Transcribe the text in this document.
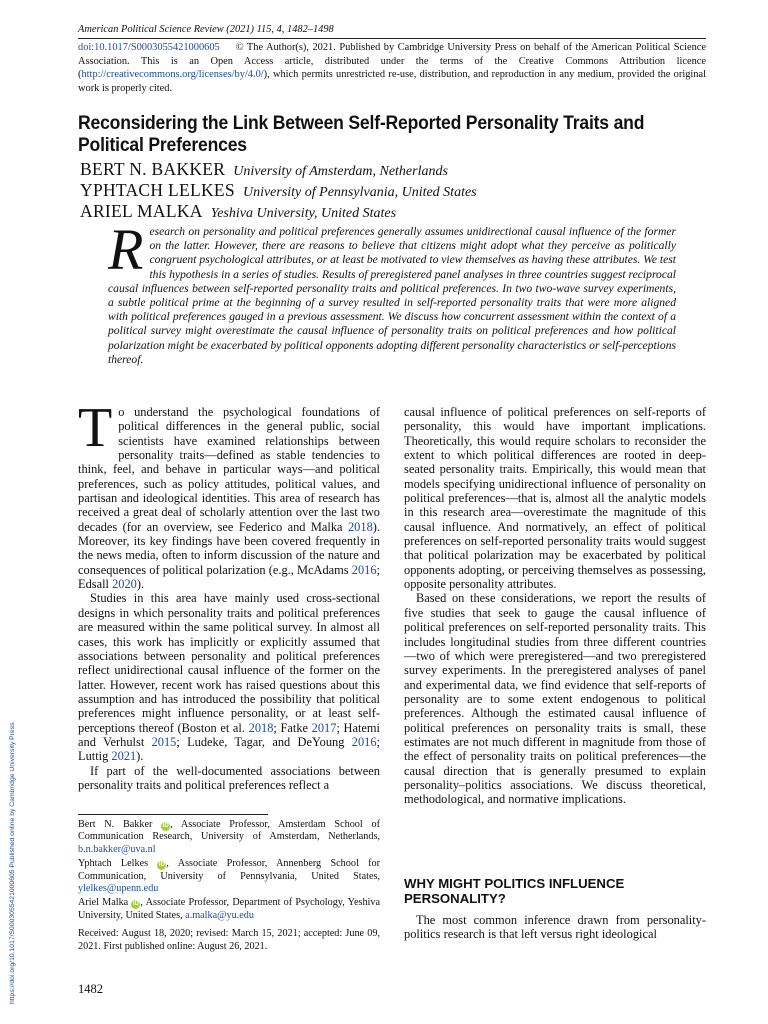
American Political Science Review (2021) 115, 4, 1482–1498
doi:10.1017/S0003055421000605 © The Author(s), 2021. Published by Cambridge University Press on behalf of the American Political Science Association. This is an Open Access article, distributed under the terms of the Creative Commons Attribution licence (http://creativecommons.org/licenses/by/4.0/), which permits unrestricted re-use, distribution, and reproduction in any medium, provided the original work is properly cited.
Reconsidering the Link Between Self-Reported Personality Traits and Political Preferences
BERT N. BAKKER University of Amsterdam, Netherlands
YPHTACH LELKES University of Pennsylvania, United States
ARIEL MALKA Yeshiva University, United States
Research on personality and political preferences generally assumes unidirectional causal influence of the former on the latter. However, there are reasons to believe that citizens might adopt what they perceive as politically congruent psychological attributes, or at least be motivated to view themselves as having these attributes. We test this hypothesis in a series of studies. Results of preregistered panel analyses in three countries suggest reciprocal causal influences between self-reported personality traits and political preferences. In two two-wave survey experiments, a subtle political prime at the beginning of a survey resulted in self-reported personality traits that were more aligned with political preferences gauged in a previous assessment. We discuss how concurrent assessment within the context of a political survey might overestimate the causal influence of personality traits on political preferences and how political polarization might be exacerbated by political opponents adopting different personality characteristics or self-perceptions thereof.

To understand the psychological foundations of political differences in the general public, social scientists have examined relationships between personality traits—defined as stable tendencies to think, feel, and behave in particular ways—and political preferences, such as policy attitudes, political values, and partisan and ideological identities. This area of research has received a great deal of scholarly attention over the last two decades (for an overview, see Federico and Malka 2018). Moreover, its key findings have been covered frequently in the news media, often to inform discussion of the nature and consequences of political polarization (e.g., McAdams 2016; Edsall 2020).

Studies in this area have mainly used cross-sectional designs in which personality traits and political preferences are measured within the same political survey. In almost all cases, this work has implicitly or explicitly assumed that associations between personality and political preferences reflect unidirectional causal influence of the former on the latter. However, recent work has raised questions about this assumption and has introduced the possibility that political preferences might influence personality, or at least self-perceptions thereof (Boston et al. 2018; Fatke 2017; Hatemi and Verhulst 2015; Ludeke, Tagar, and DeYoung 2016; Luttig 2021).

If part of the well-documented associations between personality traits and political preferences reflect a

causal influence of political preferences on self-reports of personality, this would have important implications. Theoretically, this would require scholars to reconsider the extent to which political differences are rooted in deep-seated personality traits. Empirically, this would mean that models specifying unidirectional influence of personality on political preferences—that is, almost all the analytic models in this research area—overestimate the magnitude of this causal influence. And normatively, an effect of political preferences on self-reported personality traits would suggest that political polarization may be exacerbated by political opponents adopting, or perceiving themselves as possessing, opposite personality attributes.

Based on these considerations, we report the results of five studies that seek to gauge the causal influence of political preferences on self-reported personality traits. This includes longitudinal studies from three different countries—two of which were preregistered—and two preregistered survey experiments. In the preregistered analyses of panel and experimental data, we find evidence that self-reports of personality are to some extent endogenous to political preferences. Although the estimated causal influence of political preferences on personality traits is small, these estimates are not much different in magnitude from those of the effect of personality traits on political preferences—the causal direction that is generally presumed to explain personality–politics associations. We discuss theoretical, methodological, and normative implications.

WHY MIGHT POLITICS INFLUENCE PERSONALITY?

The most common inference drawn from personality-politics research is that left versus right ideological

Bert N. Bakker iD , Associate Professor, Amsterdam School of Communication Research, University of Amsterdam, Netherlands, b.n.bakker@uva.nl

Yphtach Lelkes iD , Associate Professor, Annenberg School for Communication, University of Pennsylvania, United States, ylelkes@upenn.edu

Ariel Malka iD , Associate Professor, Department of Psychology, Yeshiva University, United States, a.malka@yu.edu

Received: August 18, 2020; revised: March 15, 2021; accepted: June 09, 2021. First published online: August 26, 2021.

1482
https://doi.org/10.1017/S0003055421000605 Published online by Cambridge University Press
